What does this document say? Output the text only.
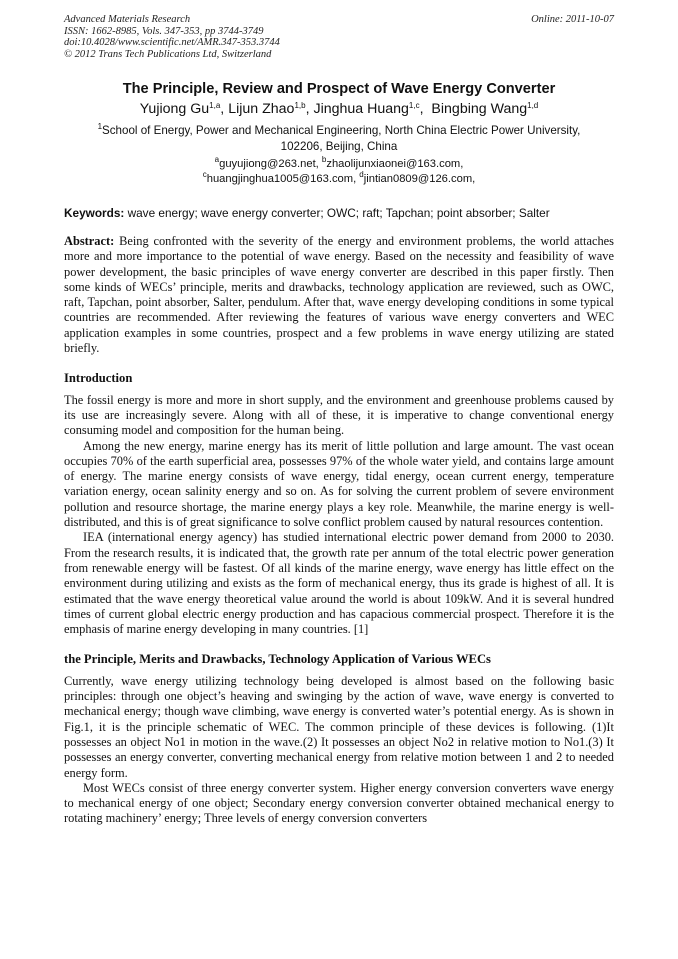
Advanced Materials Research
ISSN: 1662-8985, Vols. 347-353, pp 3744-3749
doi:10.4028/www.scientific.net/AMR.347-353.3744
© 2012 Trans Tech Publications Ltd, Switzerland
Online: 2011-10-07
The Principle, Review and Prospect of Wave Energy Converter
Yujiong Gu$^{1,a}$, Lijun Zhao$^{1,b}$, Jinghua Huang$^{1,c}$,  Bingbing Wang$^{1,d}$
$^1$School of Energy, Power and Mechanical Engineering, North China Electric Power University,
102206, Beijing, China
$^a$guyujiong@263.net, $^b$zhaolijunxiaonei@163.com,
$^c$huangjinghua1005@163.com, $^d$jintian0809@126.com,
Keywords: wave energy; wave energy converter; OWC; raft; Tapchan; point absorber; Salter
Abstract: Being confronted with the severity of the energy and environment problems, the world attaches more and more importance to the potential of wave energy. Based on the necessity and feasibility of wave power development, the basic principles of wave energy converter are described in this paper firstly. Then some kinds of WECs’ principle, merits and drawbacks, technology application are reviewed, such as OWC, raft, Tapchan, point absorber, Salter, pendulum. After that, wave energy developing conditions in some typical countries are recommended. After reviewing the features of various wave energy converters and WEC application examples in some countries, prospect and a few problems in wave energy utilizing are stated briefly.
Introduction

The fossil energy is more and more in short supply, and the environment and greenhouse problems caused by its use are increasingly severe. Along with all of these, it is imperative to change conventional energy consuming model and composition for the human being.

Among the new energy, marine energy has its merit of little pollution and large amount. The vast ocean occupies 70% of the earth superficial area, possesses 97% of the whole water yield, and contains large amount of energy. The marine energy consists of wave energy, tidal energy, ocean current energy, temperature variation energy, ocean salinity energy and so on. As for solving the current problem of severe environment pollution and resource shortage, the marine energy plays a key role. Meanwhile, the marine energy is well-distributed, and this is of great significance to solve conflict problem caused by natural resources contention.

IEA (international energy agency) has studied international electric power demand from 2000 to 2030. From the research results, it is indicated that, the growth rate per annum of the total electric power generation from renewable energy will be fastest. Of all kinds of the marine energy, wave energy has little effect on the environment during utilizing and exists as the form of mechanical energy, thus its grade is highest of all. It is estimated that the wave energy theoretical value around the world is about 109kW. And it is several hundred times of current global electric energy production and has capacious commercial prospect. Therefore it is the emphasis of marine energy developing in many countries. [1]

the Principle, Merits and Drawbacks, Technology Application of Various WECs

Currently, wave energy utilizing technology being developed is almost based on the following basic principles: through one object’s heaving and swinging by the action of wave, wave energy is converted to mechanical energy; though wave climbing, wave energy is converted water’s potential energy. As is shown in Fig.1, it is the principle schematic of WEC. The common principle of these devices is following. (1)It possesses an object No1 in motion in the wave.(2) It possesses an object No2 in relative motion to No1.(3) It possesses an energy converter, converting mechanical energy from relative motion between 1 and 2 to needed energy form.

Most WECs consist of three energy converter system. Higher energy conversion converters wave energy to mechanical energy of one object; Secondary energy conversion converter obtained mechanical energy to rotating machinery’ energy; Three levels of energy conversion converters
